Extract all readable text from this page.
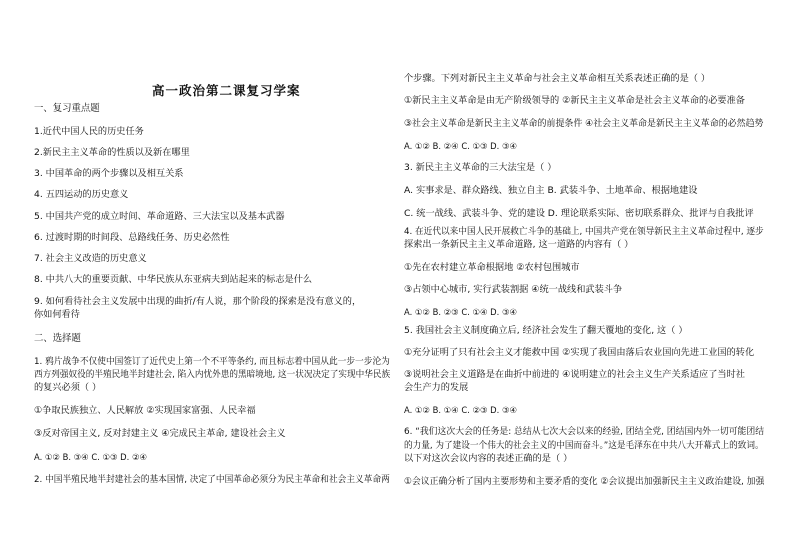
高一政治第二课复习学案
一、复习重点题
1.近代中国人民的历史任务
2.新民主主义革命的性质以及新在哪里
3. 中国革命的两个步骤以及相互关系
4. 五四运动的历史意义
5. 中国共产党的成立时间、革命道路、三大法宝以及基本武器
6. 过渡时期的时间段、总路线任务、历史必然性
7. 社会主义改造的历史意义
8. 中共八大的重要贡献、中华民族从东亚病夫到站起来的标志是什么
9. 如何看待社会主义发展中出现的曲折/有人说，那个阶段的探索是没有意义的，
你如何看待
二、选择题
1. 鸦片战争不仅使中国签订了近代史上第一个不平等条约, 而且标志着中国从此一步一步沦为
西方列强奴役的半殖民地半封建社会, 陷入内忧外患的黑暗境地, 这一状况决定了实现中华民族
的复兴必须（ ）
①争取民族独立、人民解放 ②实现国家富强、人民幸福
③反对帝国主义, 反对封建主义 ④完成民主革命, 建设社会主义
A. ①② B. ③④ C. ①③ D. ②④
2. 中国半殖民地半封建社会的基本国情, 决定了中国革命必须分为民主革命和社会主义革命两
个步骤。下列对新民主主义革命与社会主义革命相互关系表述正确的是（ ）
①新民主主义革命是由无产阶级领导的 ②新民主主义革命是社会主义革命的必要准备
③社会主义革命是新民主主义革命的前提条件 ④社会主义革命是新民主主义革命的必然趋势
A. ①② B. ②④ C. ①③ D. ③④
3. 新民主主义革命的三大法宝是（ ）
A. 实事求是、群众路线、独立自主 B. 武装斗争、土地革命、根据地建设
C. 统一战线、武装斗争、党的建设 D. 理论联系实际、密切联系群众、批评与自我批评
4. 在近代以来中国人民开展救亡斗争的基础上, 中国共产党在领导新民主主义革命过程中, 逐步
探索出一条新民主主义革命道路, 这一道路的内容有（ ）
①先在农村建立革命根据地 ②农村包围城市
③占领中心城市, 实行武装割据 ④统一战线和武装斗争
A. ①② B. ②③ C. ①④ D. ③④
5. 我国社会主义制度确立后, 经济社会发生了翻天覆地的变化, 这（ ）
①充分证明了只有社会主义才能救中国 ②实现了我国由落后农业国向先进工业国的转化
③说明社会主义道路是在曲折中前进的 ④说明建立的社会主义生产关系适应了当时社
会生产力的发展
A. ①② B. ①④ C. ②③ D. ③④
6. “我们这次大会的任务是: 总结从七次大会以来的经验, 团结全党, 团结国内外一切可能团结
的力量, 为了建设一个伟大的社会主义的中国而奋斗。”这是毛泽东在中共八大开幕式上的致词。
以下对这次会议内容的表述正确的是（ ）
①会议正确分析了国内主要形势和主要矛盾的变化 ②会议提出加强新民主主义政治建设, 加强
